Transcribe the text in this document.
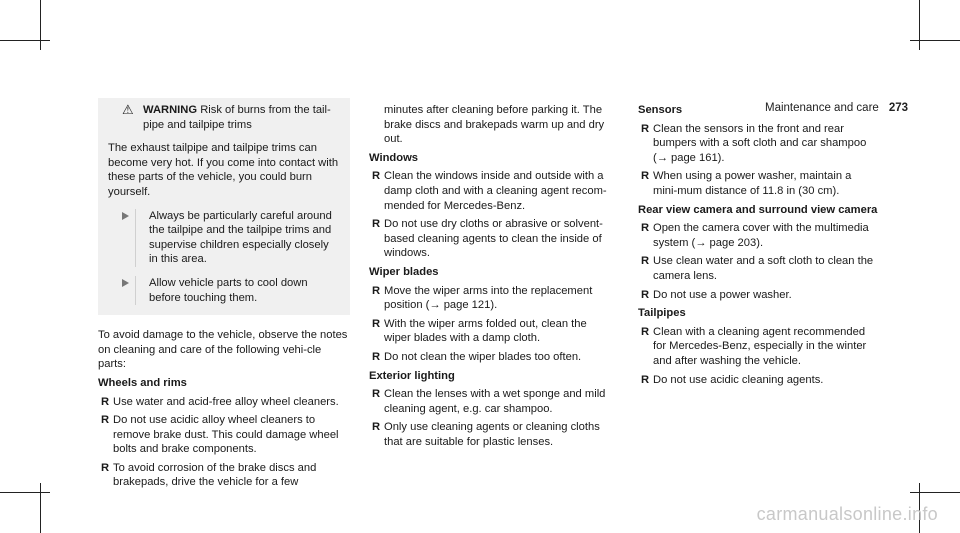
Maintenance and care 273
⚠ WARNING Risk of burns from the tail-pipe and tailpipe trims

The exhaust tailpipe and tailpipe trims can become very hot. If you come into contact with these parts of the vehicle, you could burn yourself.

Always be particularly careful around the tailpipe and the tailpipe trims and supervise children especially closely in this area.
Allow vehicle parts to cool down before touching them.

To avoid damage to the vehicle, observe the notes on cleaning and care of the following vehi-cle parts:

Wheels and rims
R Use water and acid-free alloy wheel cleaners.
R Do not use acidic alloy wheel cleaners to remove brake dust. This could damage wheel bolts and brake components.
R To avoid corrosion of the brake discs and brakepads, drive the vehicle for a few
minutes after cleaning before parking it. The brake discs and brakepads warm up and dry out.
Windows
R Clean the windows inside and outside with a damp cloth and with a cleaning agent recom-mended for Mercedes-Benz.
R Do not use dry cloths or abrasive or solvent-based cleaning agents to clean the inside of windows.
Wiper blades
R Move the wiper arms into the replacement position (→ page 121).
R With the wiper arms folded out, clean the wiper blades with a damp cloth.
R Do not clean the wiper blades too often.
Exterior lighting
R Clean the lenses with a wet sponge and mild cleaning agent, e.g. car shampoo.
R Only use cleaning agents or cleaning cloths that are suitable for plastic lenses.
Sensors
R Clean the sensors in the front and rear bumpers with a soft cloth and car shampoo (→ page 161).
R When using a power washer, maintain a mini-mum distance of 11.8 in (30 cm).
Rear view camera and surround view camera
R Open the camera cover with the multimedia system (→ page 203).
R Use clean water and a soft cloth to clean the camera lens.
R Do not use a power washer.
Tailpipes
R Clean with a cleaning agent recommended for Mercedes-Benz, especially in the winter and after washing the vehicle.
R Do not use acidic cleaning agents.
carmanualsonline.info
